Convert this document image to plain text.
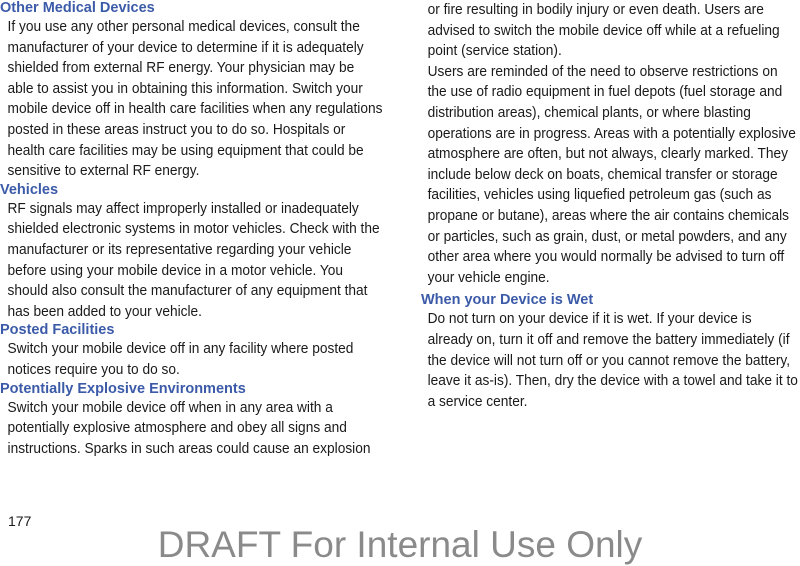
Other Medical Devices

If you use any other personal medical devices, consult the manufacturer of your device to determine if it is adequately shielded from external RF energy. Your physician may be able to assist you in obtaining this information. Switch your mobile device off in health care facilities when any regulations posted in these areas instruct you to do so. Hospitals or health care facilities may be using equipment that could be sensitive to external RF energy.

Vehicles

RF signals may affect improperly installed or inadequately shielded electronic systems in motor vehicles. Check with the manufacturer or its representative regarding your vehicle before using your mobile device in a motor vehicle. You should also consult the manufacturer of any equipment that has been added to your vehicle.

Posted Facilities

Switch your mobile device off in any facility where posted notices require you to do so.

Potentially Explosive Environments

Switch your mobile device off when in any area with a potentially explosive atmosphere and obey all signs and instructions. Sparks in such areas could cause an explosion

or fire resulting in bodily injury or even death. Users are advised to switch the mobile device off while at a refueling point (service station).

Users are reminded of the need to observe restrictions on the use of radio equipment in fuel depots (fuel storage and distribution areas), chemical plants, or where blasting operations are in progress. Areas with a potentially explosive atmosphere are often, but not always, clearly marked. They include below deck on boats, chemical transfer or storage facilities, vehicles using liquefied petroleum gas (such as propane or butane), areas where the air contains chemicals or particles, such as grain, dust, or metal powders, and any other area where you would normally be advised to turn off your vehicle engine.

When your Device is Wet

Do not turn on your device if it is wet. If your device is already on, turn it off and remove the battery immediately (if the device will not turn off or you cannot remove the battery, leave it as-is). Then, dry the device with a towel and take it to a service center.

177
DRAFT For Internal Use Only
